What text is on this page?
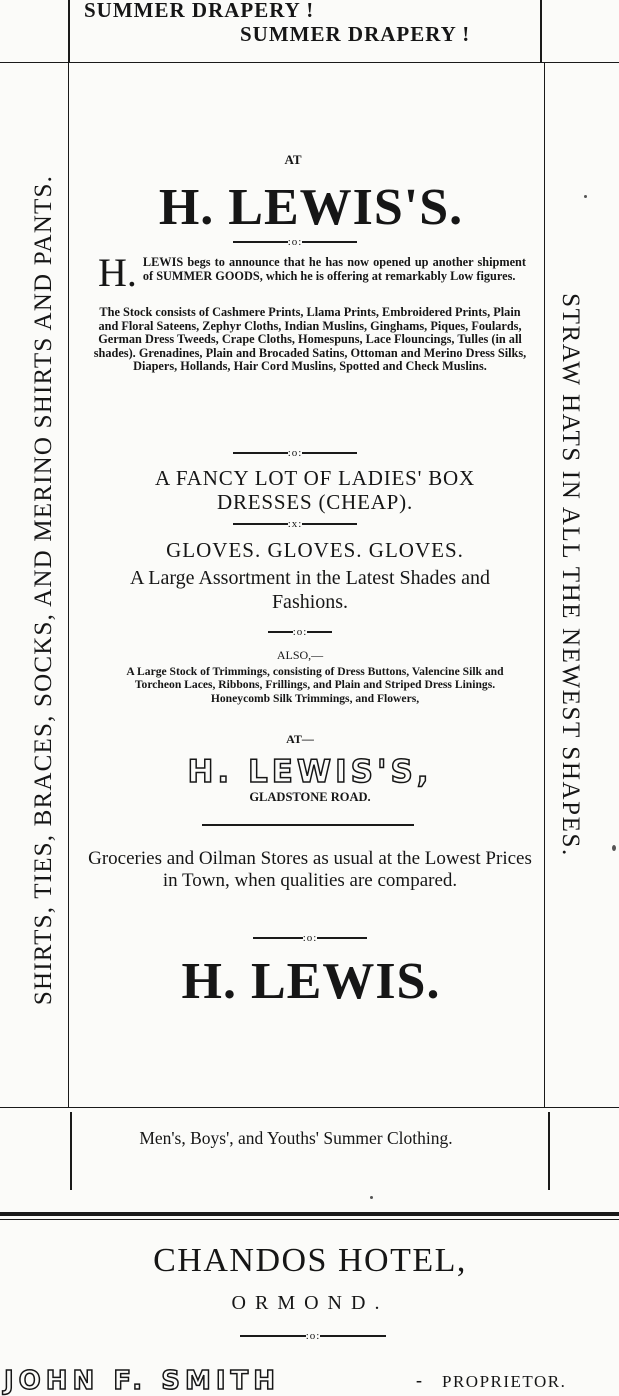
SUMMER DRAPERY !
SUMMER DRAPERY !
SHIRTS, TIES, BRACES, SOCKS, AND MERINO SHIRTS AND PANTS.	STRAW HATS IN ALL THE NEWEST SHAPES.
AT
H. LEWIS'S.
:o:
H. LEWIS begs to announce that he has now opened up another shipment of SUMMER GOODS, which he is offering at remarkably Low figures.
The Stock consists of Cashmere Prints, Llama Prints, Embroidered Prints, Plain and Floral Sateens, Zephyr Cloths, Indian Muslins, Ginghams, Piques, Foulards, German Dress Tweeds, Crape Cloths, Homespuns, Lace Flouncings, Tulles (in all shades). Grenadines, Plain and Brocaded Satins, Ottoman and Merino Dress Silks, Diapers, Hollands, Hair Cord Muslins, Spotted and Check Muslins.
:o:
A FANCY LOT OF LADIES' BOX DRESSES (CHEAP).
:x:
GLOVES. GLOVES. GLOVES.
A Large Assortment in the Latest Shades and Fashions.
:o:
ALSO,—
A Large Stock of Trimmings, consisting of Dress Buttons, Valencine Silk and Torcheon Laces, Ribbons, Frillings, and Plain and Striped Dress Linings. Honeycomb Silk Trimmings, and Flowers,
AT—
H. LEWIS'S,
GLADSTONE ROAD.
Groceries and Oilman Stores as usual at the Lowest Prices in Town, when qualities are compared.
:o:
H. LEWIS.
Men's, Boys', and Youths' Summer Clothing.
CHANDOS HOTEL,
ORMOND.
:o:
JOHN F. SMITH	- PROPRIETOR.
